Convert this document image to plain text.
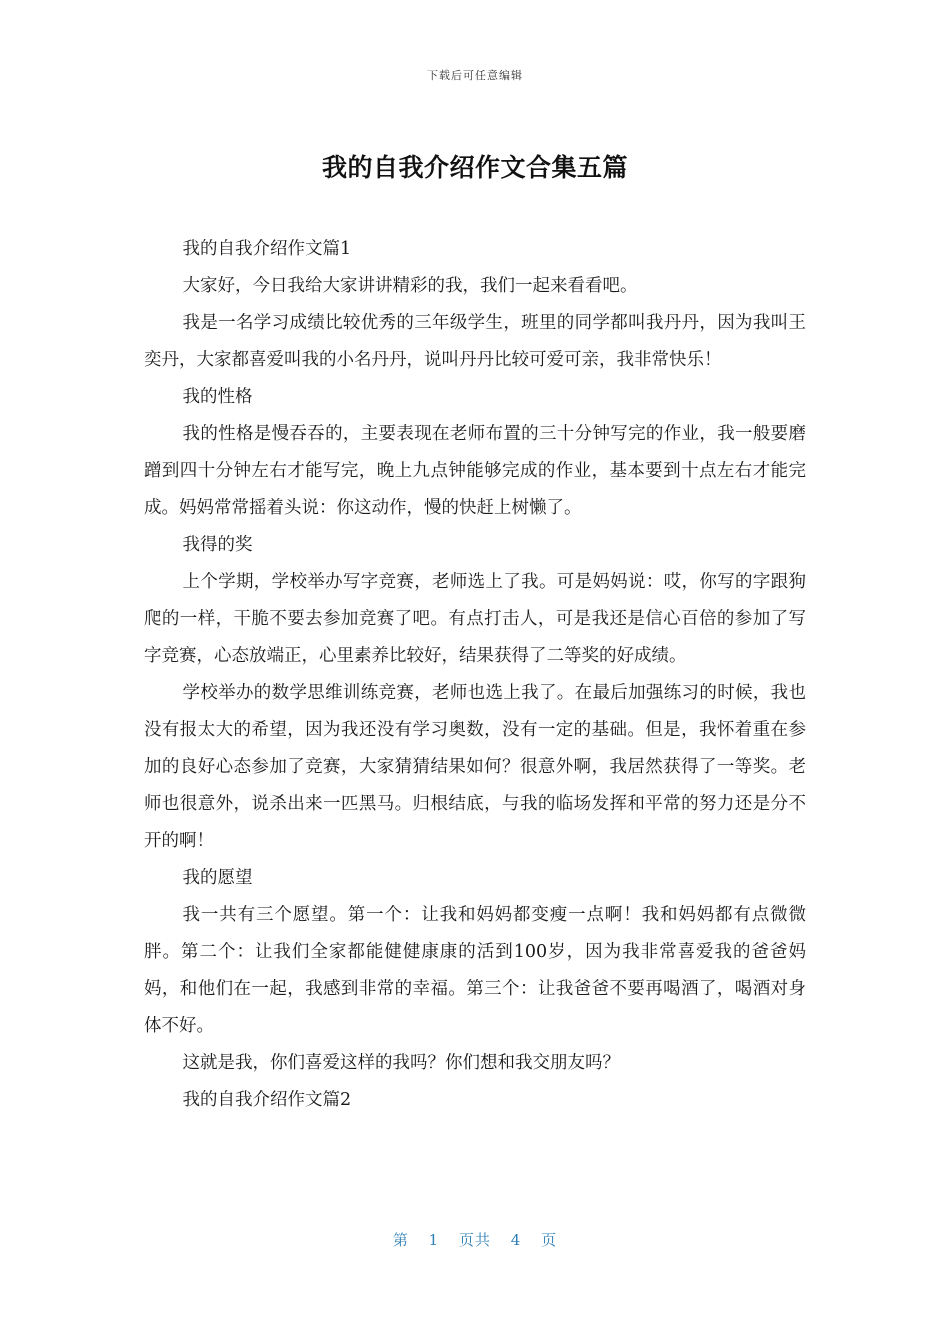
下载后可任意编辑
我的自我介绍作文合集五篇

我的自我介绍作文篇1

大家好，今日我给大家讲讲精彩的我，我们一起来看看吧。

我是一名学习成绩比较优秀的三年级学生，班里的同学都叫我丹丹，因为我叫王奕丹，大家都喜爱叫我的小名丹丹，说叫丹丹比较可爱可亲，我非常快乐！

我的性格

我的性格是慢吞吞的，主要表现在老师布置的三十分钟写完的作业，我一般要磨蹭到四十分钟左右才能写完，晚上九点钟能够完成的作业，基本要到十点左右才能完成。妈妈常常摇着头说：你这动作，慢的快赶上树懒了。

我得的奖

上个学期，学校举办写字竞赛，老师选上了我。可是妈妈说：哎，你写的字跟狗爬的一样，干脆不要去参加竞赛了吧。有点打击人，可是我还是信心百倍的参加了写字竞赛，心态放端正，心里素养比较好，结果获得了二等奖的好成绩。

学校举办的数学思维训练竞赛，老师也选上我了。在最后加强练习的时候，我也没有报太大的希望，因为我还没有学习奥数，没有一定的基础。但是，我怀着重在参加的良好心态参加了竞赛，大家猜猜结果如何？很意外啊，我居然获得了一等奖。老师也很意外，说杀出来一匹黑马。归根结底，与我的临场发挥和平常的努力还是分不开的啊！

我的愿望

我一共有三个愿望。第一个：让我和妈妈都变瘦一点啊！我和妈妈都有点微微胖。第二个：让我们全家都能健健康康的活到100岁，因为我非常喜爱我的爸爸妈妈，和他们在一起，我感到非常的幸福。第三个：让我爸爸不要再喝酒了，喝酒对身体不好。

这就是我，你们喜爱这样的我吗？你们想和我交朋友吗？

我的自我介绍作文篇2

第 1 页共 4 页
